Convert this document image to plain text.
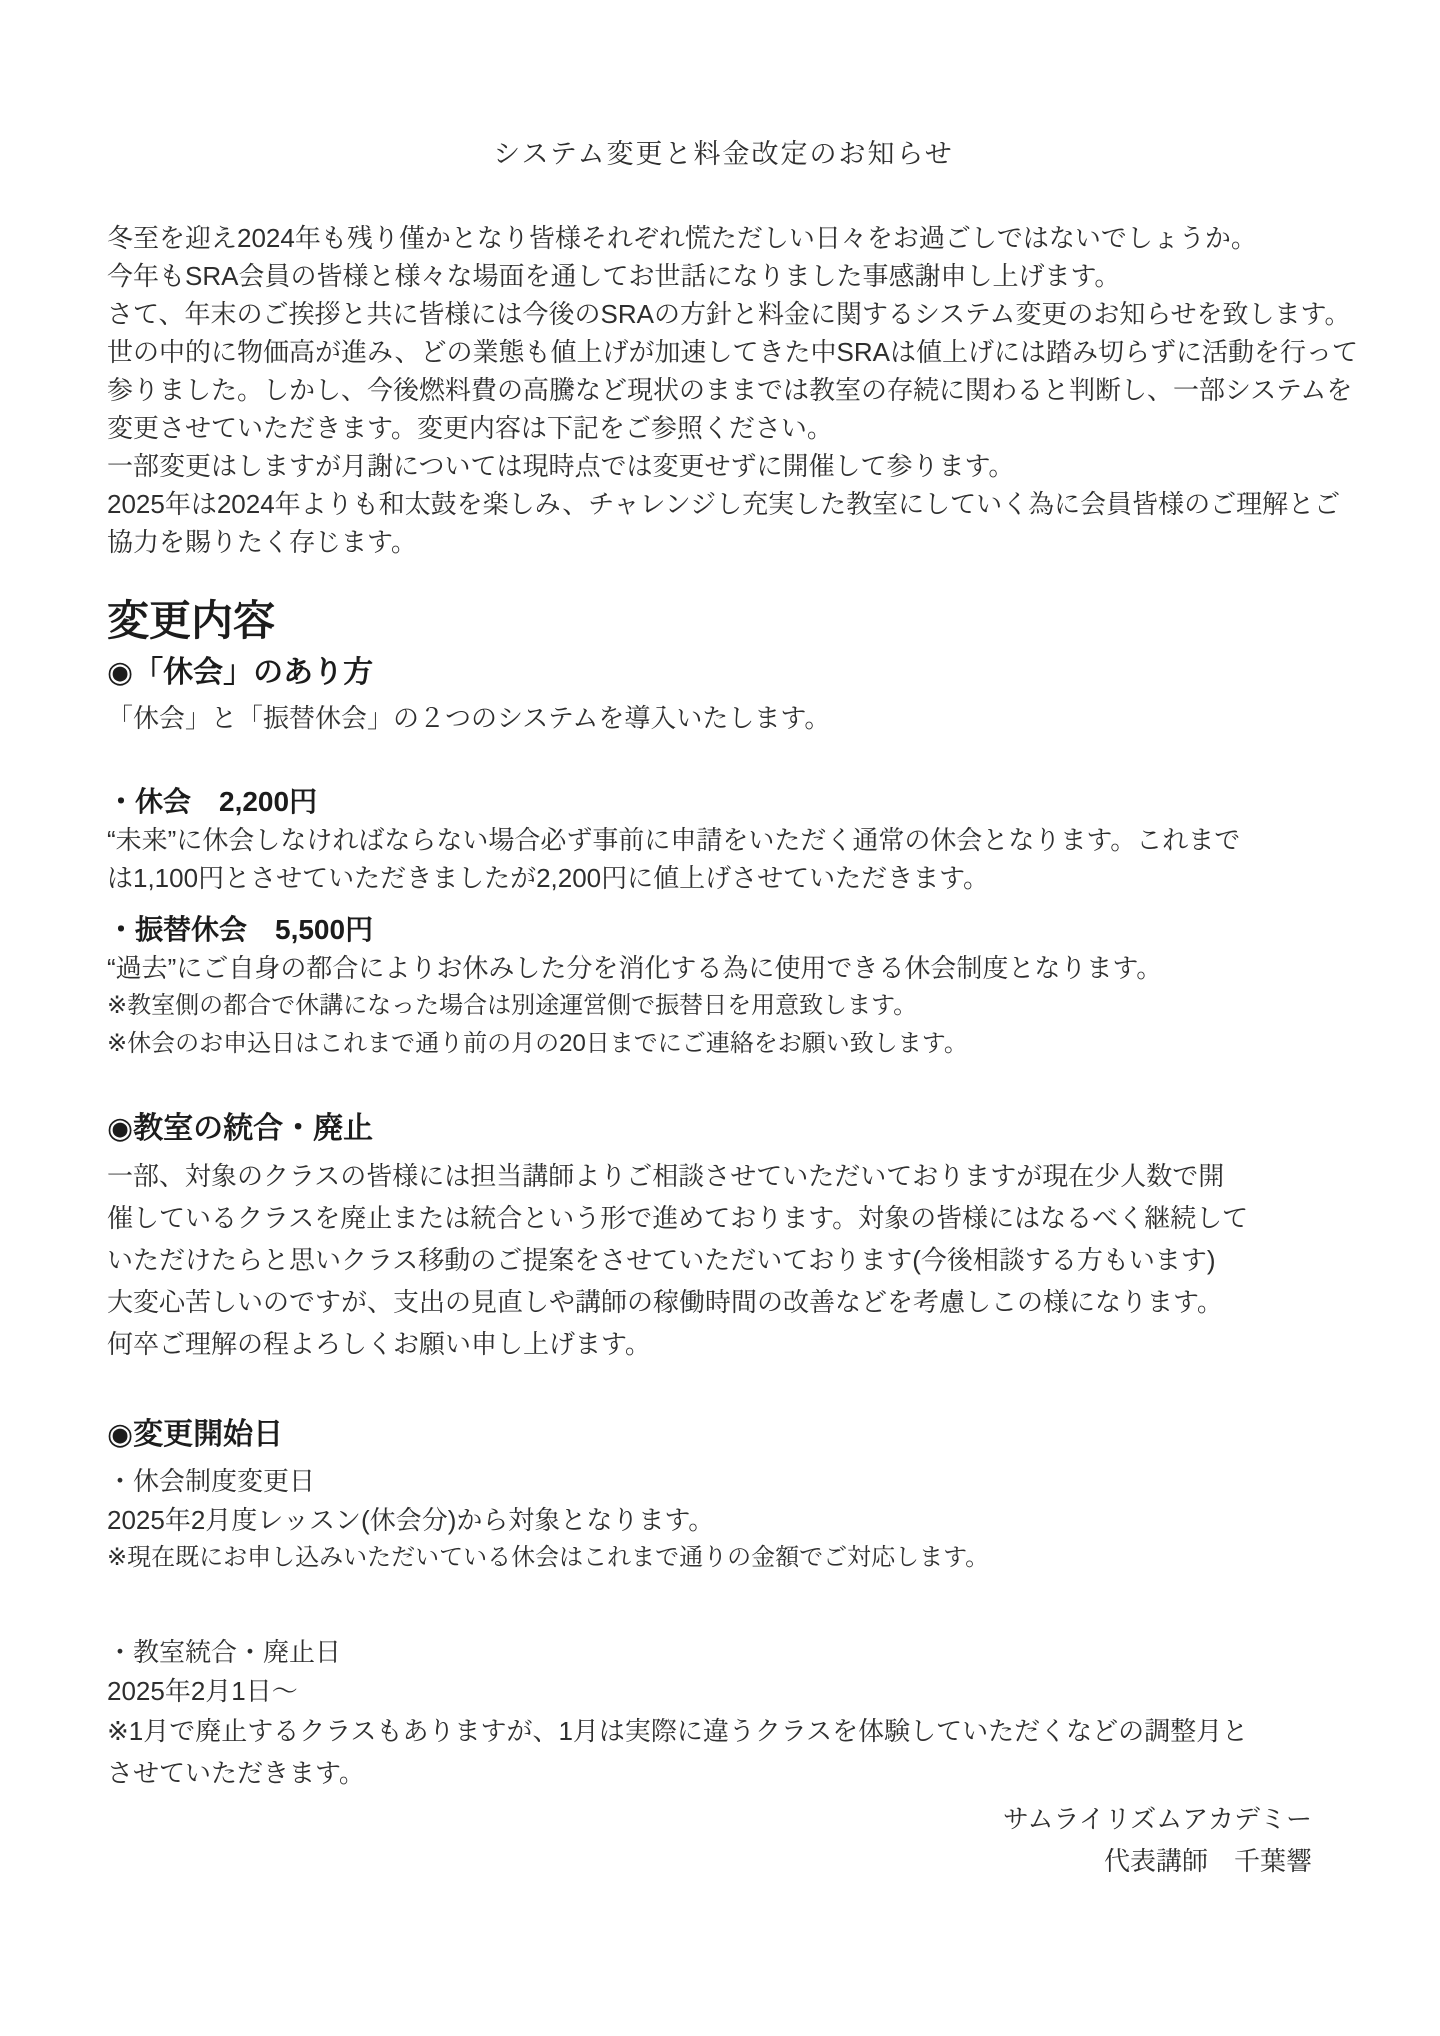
システム変更と料金改定のお知らせ
冬至を迎え2024年も残り僅かとなり皆様それぞれ慌ただしい日々をお過ごしではないでしょうか。
今年もSRA会員の皆様と様々な場面を通してお世話になりました事感謝申し上げます。
さて、年末のご挨拶と共に皆様には今後のSRAの方針と料金に関するシステム変更のお知らせを致します。
世の中的に物価高が進み、どの業態も値上げが加速してきた中SRAは値上げには踏み切らずに活動を行って
参りました。しかし、今後燃料費の高騰など現状のままでは教室の存続に関わると判断し、一部システムを
変更させていただきます。変更内容は下記をご参照ください。
一部変更はしますが月謝については現時点では変更せずに開催して参ります。
2025年は2024年よりも和太鼓を楽しみ、チャレンジし充実した教室にしていく為に会員皆様のご理解とご
協力を賜りたく存じます。
変更内容
◉「休会」のあり方
「休会」と「振替休会」の２つのシステムを導入いたします。
・休会　2,200円
“未来”に休会しなければならない場合必ず事前に申請をいただく通常の休会となります。これまで
は1,100円とさせていただきましたが2,200円に値上げさせていただきます。
・振替休会　5,500円
“過去”にご自身の都合によりお休みした分を消化する為に使用できる休会制度となります。
※教室側の都合で休講になった場合は別途運営側で振替日を用意致します。
※休会のお申込日はこれまで通り前の月の20日までにご連絡をお願い致します。
◉教室の統合・廃止
一部、対象のクラスの皆様には担当講師よりご相談させていただいておりますが現在少人数で開
催しているクラスを廃止または統合という形で進めております。対象の皆様にはなるべく継続して
いただけたらと思いクラス移動のご提案をさせていただいております(今後相談する方もいます)
大変心苦しいのですが、支出の見直しや講師の稼働時間の改善などを考慮しこの様になります。
何卒ご理解の程よろしくお願い申し上げます。
◉変更開始日
・休会制度変更日
2025年2月度レッスン(休会分)から対象となります。
※現在既にお申し込みいただいている休会はこれまで通りの金額でご対応します。
・教室統合・廃止日
2025年2月1日～
※1月で廃止するクラスもありますが、1月は実際に違うクラスを体験していただくなどの調整月と
させていただきます。
サムライリズムアカデミー
代表講師　千葉響
